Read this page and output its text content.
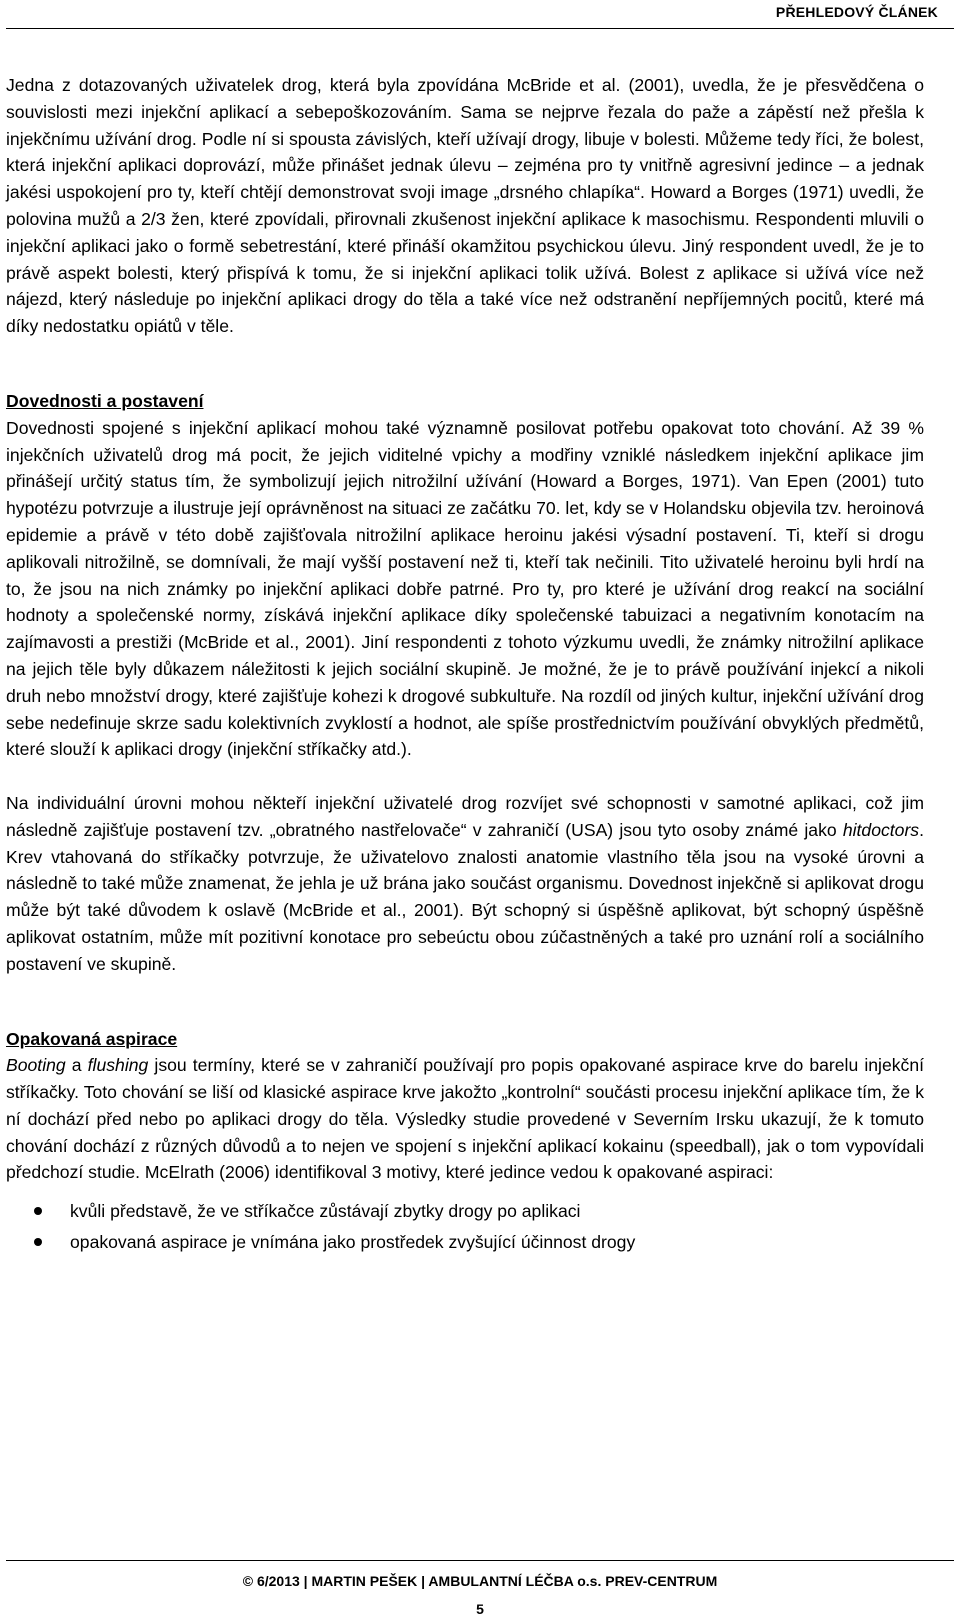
PŘEHLEDOVÝ ČLÁNEK

Jedna z dotazovaných uživatelek drog, která byla zpovídána McBride et al. (2001), uvedla, že je přesvědčena o souvislosti mezi injekční aplikací a sebepoškozováním. Sama se nejprve řezala do paže a zápěstí než přešla k injekčnímu užívání drog. Podle ní si spousta závislých, kteří užívají drogy, libuje v bolesti. Můžeme tedy říci, že bolest, která injekční aplikaci doprovází, může přinášet jednak úlevu – zejména pro ty vnitřně agresivní jedince – a jednak jakési uspokojení pro ty, kteří chtějí demonstrovat svoji image „drsného chlapíka“. Howard a Borges (1971) uvedli, že polovina mužů a 2/3 žen, které zpovídali, přirovnali zkušenost injekční aplikace k masochismu. Respondenti mluvili o injekční aplikaci jako o formě sebetrestání, které přináší okamžitou psychickou úlevu. Jiný respondent uvedl, že je to právě aspekt bolesti, který přispívá k tomu, že si injekční aplikaci tolik užívá. Bolest z aplikace si užívá více než nájezd, který následuje po injekční aplikaci drogy do těla a také více než odstranění nepříjemných pocitů, které má díky nedostatku opiátů v těle.

Dovednosti a postavení

Dovednosti spojené s injekční aplikací mohou také významně posilovat potřebu opakovat toto chování. Až 39 % injekčních uživatelů drog má pocit, že jejich viditelné vpichy a modřiny vzniklé následkem injekční aplikace jim přinášejí určitý status tím, že symbolizují jejich nitrožilní užívání (Howard a Borges, 1971). Van Epen (2001) tuto hypotézu potvrzuje a ilustruje její oprávněnost na situaci ze začátku 70. let, kdy se v Holandsku objevila tzv. heroinová epidemie a právě v této době zajišťovala nitrožilní aplikace heroinu jakési výsadní postavení. Ti, kteří si drogu aplikovali nitrožilně, se domnívali, že mají vyšší postavení než ti, kteří tak nečinili. Tito uživatelé heroinu byli hrdí na to, že jsou na nich známky po injekční aplikaci dobře patrné. Pro ty, pro které je užívání drog reakcí na sociální hodnoty a společenské normy, získává injekční aplikace díky společenské tabuizaci a negativním konotacím na zajímavosti a prestiži (McBride et al., 2001). Jiní respondenti z tohoto výzkumu uvedli, že známky nitrožilní aplikace na jejich těle byly důkazem náležitosti k jejich sociální skupině. Je možné, že je to právě používání injekcí a nikoli druh nebo množství drogy, které zajišťuje kohezi k drogové subkultuře. Na rozdíl od jiných kultur, injekční užívání drog sebe nedefinuje skrze sadu kolektivních zvyklostí a hodnot, ale spíše prostřednictvím používání obvyklých předmětů, které slouží k aplikaci drogy (injekční stříkačky atd.).

Na individuální úrovni mohou někteří injekční uživatelé drog rozvíjet své schopnosti v samotné aplikaci, což jim následně zajišťuje postavení tzv. „obratného nastřelovače“ v zahraničí (USA) jsou tyto osoby známé jako hitdoctors. Krev vtahovaná do stříkačky potvrzuje, že uživatelovo znalosti anatomie vlastního těla jsou na vysoké úrovni a následně to také může znamenat, že jehla je už brána jako součást organismu. Dovednost injekčně si aplikovat drogu může být také důvodem k oslavě (McBride et al., 2001). Být schopný si úspěšně aplikovat, být schopný úspěšně aplikovat ostatním, může mít pozitivní konotace pro sebeúctu obou zúčastněných a také pro uznání rolí a sociálního postavení ve skupině.

Opakovaná aspirace

Booting a flushing jsou termíny, které se v zahraničí používají pro popis opakované aspirace krve do barelu injekční stříkačky. Toto chování se liší od klasické aspirace krve jakožto „kontrolní“ součásti procesu injekční aplikace tím, že k ní dochází před nebo po aplikaci drogy do těla. Výsledky studie provedené v Severním Irsku ukazují, že k tomuto chování dochází z různých důvodů a to nejen ve spojení s injekční aplikací kokainu (speedball), jak o tom vypovídali předchozí studie. McElrath (2006) identifikoval 3 motivy, které jedince vedou k opakované aspiraci:

kvůli představě, že ve stříkačce zůstávají zbytky drogy po aplikaci
opakovaná aspirace je vnímána jako prostředek zvyšující účinnost drogy
© 6/2013 | MARTIN PEŠEK | AMBULANTNÍ LÉČBA o.s. PREV-CENTRUM
5
